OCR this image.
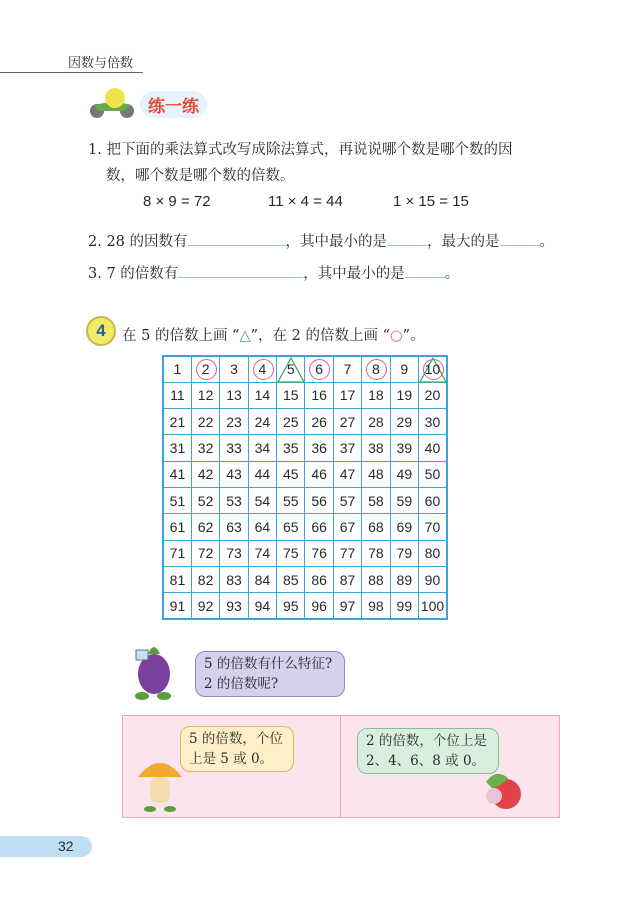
因数与倍数
练一练
1. 把下面的乘法算式改写成除法算式，再说说哪个数是哪个数的因
数，哪个数是哪个数的倍数。
8 × 9 = 72	11 × 4 = 44	1 × 15 = 15
2. 28 的因数有	，其中最小的是	，最大的是	。
3. 7 的倍数有	，其中最小的是	。
4	在 5 的倍数上画 “△”，在 2 的倍数上画 “○”。
1	2	3	4	5	6	7	8	9	10
11	12	13	14	15	16	17	18	19	20
21	22	23	24	25	26	27	28	29	30
31	32	33	34	35	36	37	38	39	40
41	42	43	44	45	46	47	48	49	50
51	52	53	54	55	56	57	58	59	60
61	62	63	64	65	66	67	68	69	70
71	72	73	74	75	76	77	78	79	80
81	82	83	84	85	86	87	88	89	90
91	92	93	94	95	96	97	98	99	100
5 的倍数有什么特征?
2 的倍数呢?
5 的倍数，个位
上是 5 或 0。
2 的倍数，个位上是
2、4、6、8 或 0。
32
